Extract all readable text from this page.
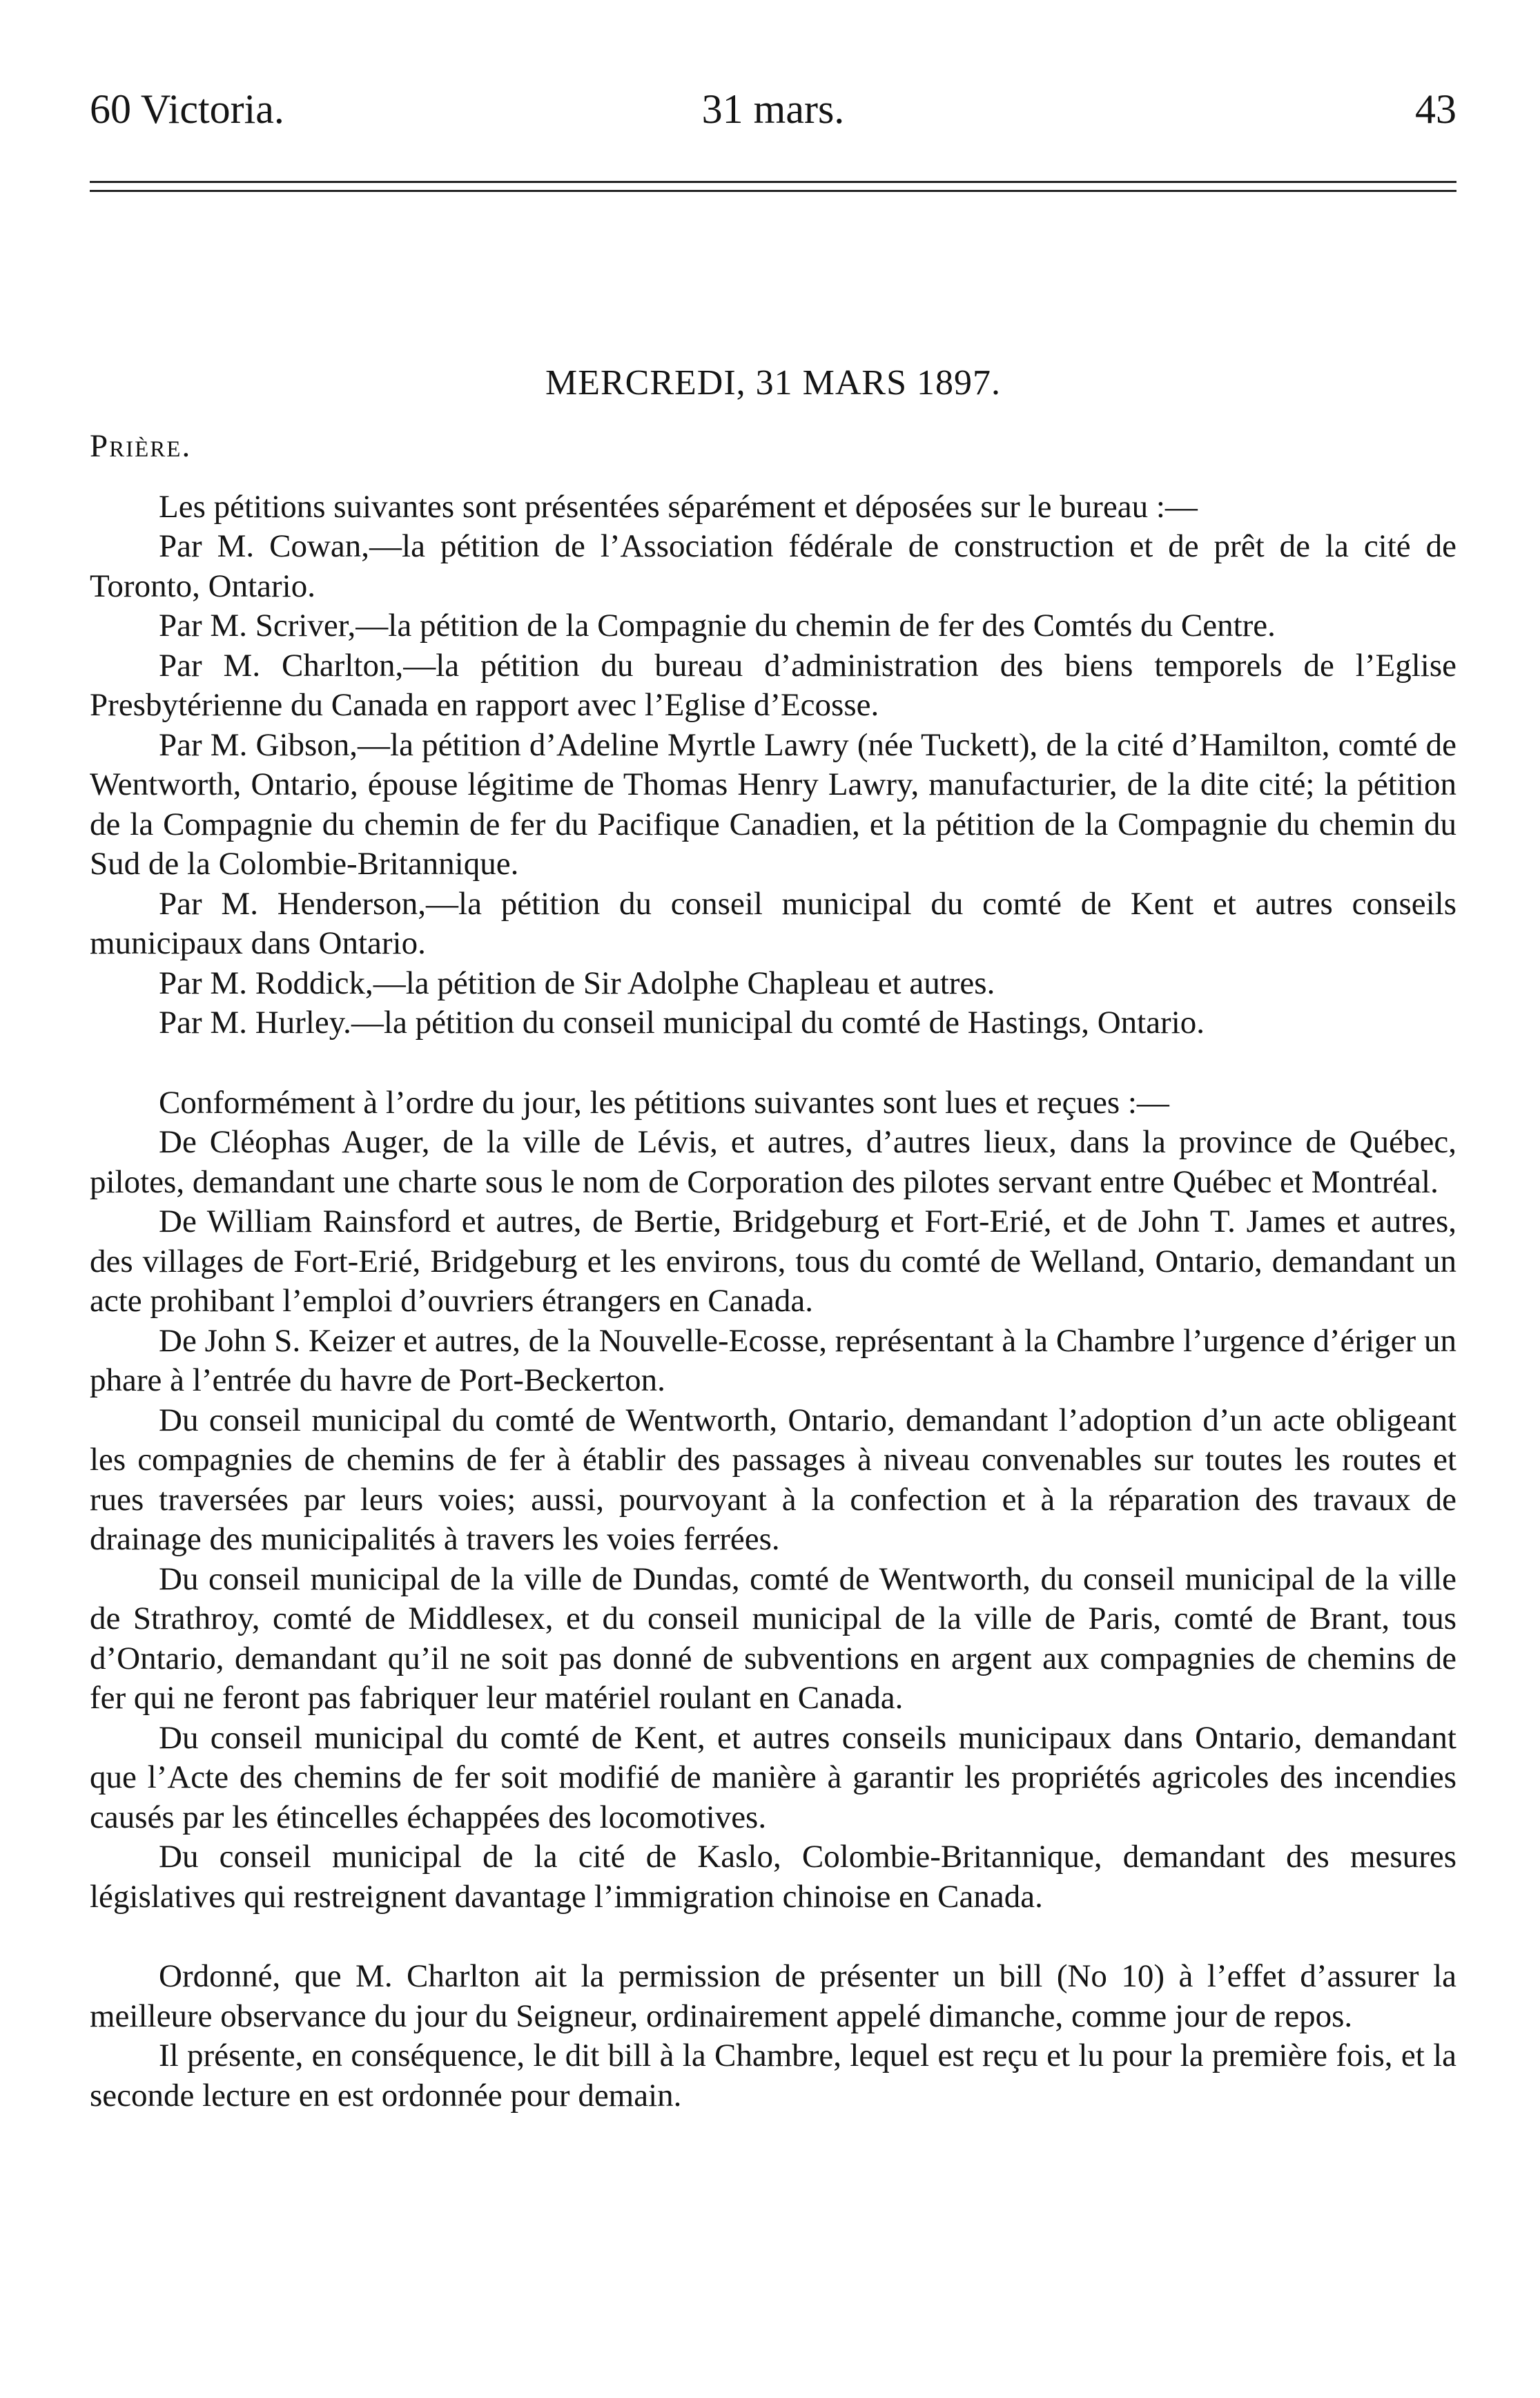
60 Victoria.	31 mars.	43
MERCREDI, 31 MARS 1897.
Prière.

Les pétitions suivantes sont présentées séparément et déposées sur le bureau :—

Par M. Cowan,—la pétition de l’Association fédérale de construction et de prêt de la cité de Toronto, Ontario.

Par M. Scriver,—la pétition de la Compagnie du chemin de fer des Comtés du Centre.

Par M. Charlton,—la pétition du bureau d’administration des biens temporels de l’Eglise Presbytérienne du Canada en rapport avec l’Eglise d’Ecosse.

Par M. Gibson,—la pétition d’Adeline Myrtle Lawry (née Tuckett), de la cité d’Hamilton, comté de Wentworth, Ontario, épouse légitime de Thomas Henry Lawry, manufacturier, de la dite cité; la pétition de la Compagnie du chemin de fer du Pacifique Canadien, et la pétition de la Compagnie du chemin du Sud de la Colombie-Britannique.

Par M. Henderson,—la pétition du conseil municipal du comté de Kent et autres conseils municipaux dans Ontario.

Par M. Roddick,—la pétition de Sir Adolphe Chapleau et autres.

Par M. Hurley.—la pétition du conseil municipal du comté de Hastings, Ontario.

Conformément à l’ordre du jour, les pétitions suivantes sont lues et reçues :—

De Cléophas Auger, de la ville de Lévis, et autres, d’autres lieux, dans la province de Québec, pilotes, demandant une charte sous le nom de Corporation des pilotes servant entre Québec et Montréal.

De William Rainsford et autres, de Bertie, Bridgeburg et Fort-Erié, et de John T. James et autres, des villages de Fort-Erié, Bridgeburg et les environs, tous du comté de Welland, Ontario, demandant un acte prohibant l’emploi d’ouvriers étrangers en Canada.

De John S. Keizer et autres, de la Nouvelle-Ecosse, représentant à la Chambre l’urgence d’ériger un phare à l’entrée du havre de Port-Beckerton.

Du conseil municipal du comté de Wentworth, Ontario, demandant l’adoption d’un acte obligeant les compagnies de chemins de fer à établir des passages à niveau convenables sur toutes les routes et rues traversées par leurs voies; aussi, pourvoyant à la confection et à la réparation des travaux de drainage des municipalités à travers les voies ferrées.

Du conseil municipal de la ville de Dundas, comté de Wentworth, du conseil municipal de la ville de Strathroy, comté de Middlesex, et du conseil municipal de la ville de Paris, comté de Brant, tous d’Ontario, demandant qu’il ne soit pas donné de subventions en argent aux compagnies de chemins de fer qui ne feront pas fabriquer leur matériel roulant en Canada.

Du conseil municipal du comté de Kent, et autres conseils municipaux dans Ontario, demandant que l’Acte des chemins de fer soit modifié de manière à garantir les propriétés agricoles des incendies causés par les étincelles échappées des locomotives.

Du conseil municipal de la cité de Kaslo, Colombie-Britannique, demandant des mesures législatives qui restreignent davantage l’immigration chinoise en Canada.

Ordonné, que M. Charlton ait la permission de présenter un bill (No 10) à l’effet d’assurer la meilleure observance du jour du Seigneur, ordinairement appelé dimanche, comme jour de repos.

Il présente, en conséquence, le dit bill à la Chambre, lequel est reçu et lu pour la première fois, et la seconde lecture en est ordonnée pour demain.
